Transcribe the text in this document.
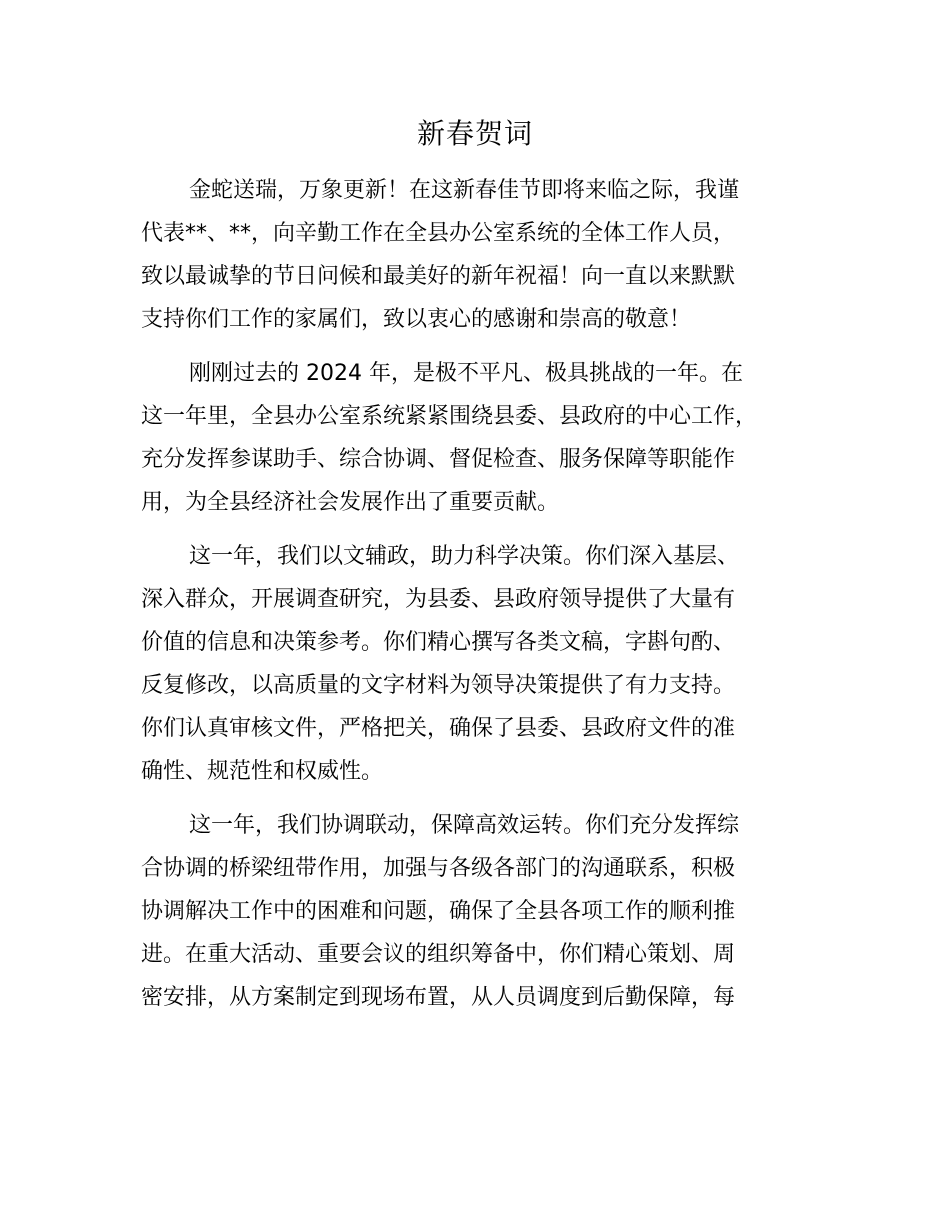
新春贺词

金蛇送瑞，万象更新！在这新春佳节即将来临之际，我谨

代表**、**，向辛勤工作在全县办公室系统的全体工作人员，

致以最诚挚的节日问候和最美好的新年祝福！向一直以来默默

支持你们工作的家属们，致以衷心的感谢和崇高的敬意！

刚刚过去的 2024 年，是极不平凡、极具挑战的一年。在

这一年里，全县办公室系统紧紧围绕县委、县政府的中心工作，

充分发挥参谋助手、综合协调、督促检查、服务保障等职能作

用，为全县经济社会发展作出了重要贡献。

这一年，我们以文辅政，助力科学决策。你们深入基层、

深入群众，开展调查研究，为县委、县政府领导提供了大量有

价值的信息和决策参考。你们精心撰写各类文稿，字斟句酌、

反复修改，以高质量的文字材料为领导决策提供了有力支持。

你们认真审核文件，严格把关，确保了县委、县政府文件的准

确性、规范性和权威性。

这一年，我们协调联动，保障高效运转。你们充分发挥综

合协调的桥梁纽带作用，加强与各级各部门的沟通联系，积极

协调解决工作中的困难和问题，确保了全县各项工作的顺利推

进。在重大活动、重要会议的组织筹备中，你们精心策划、周

密安排，从方案制定到现场布置，从人员调度到后勤保障，每
